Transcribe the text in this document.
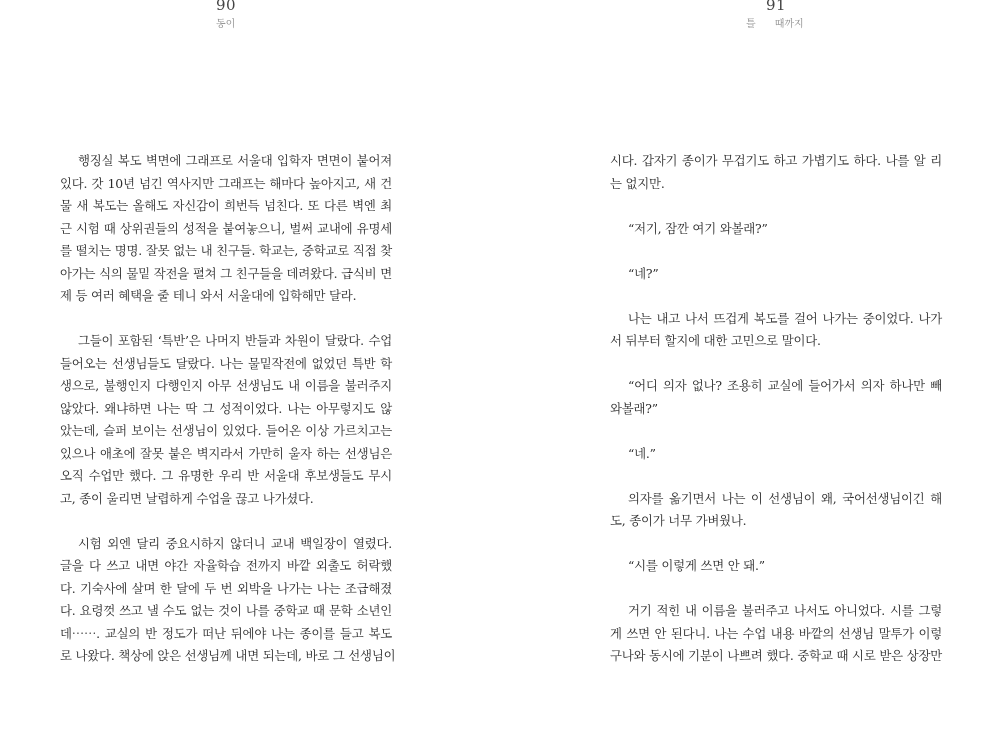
90
동이
행징실 복도 벽면에 그래프로 서울대 입학자 면면이 붙어져
있다. 갓 10년 넘긴 역사지만 그래프는 해마다 높아지고, 새 건
물 새 복도는 올해도 자신감이 희번득 넘친다. 또 다른 벽엔 최
근 시험 때 상위권들의 성적을 붙여놓으니, 벌써 교내에 유명세
를 떨치는 명명. 잘못 없는 내 친구들. 학교는, 중학교로 직접 찾
아가는 식의 물밑 작전을 펼쳐 그 친구들을 데려왔다. 급식비 면
제 등 여러 혜택을 줄 테니 와서 서울대에 입학해만 달라.
그들이 포함된 ‘특반’은 나머지 반들과 차원이 달랐다. 수업
들어오는 선생님들도 달랐다. 나는 물밑작전에 없었던 특반 학
생으로, 불행인지 다행인지 아무 선생님도 내 이름을 불러주지
않았다. 왜냐하면 나는 딱 그 성적이었다. 나는 아무렇지도 않
았는데, 슬퍼 보이는 선생님이 있었다. 들어온 이상 가르치고는
있으나 애초에 잘못 붙은 벽지라서 가만히 울자 하는 선생님은
오직 수업만 했다. 그 유명한 우리 반 서울대 후보생들도 무시
고, 종이 울리면 날렵하게 수업을 끊고 나가셨다.
시험 외엔 달리 중요시하지 않더니 교내 백일장이 열렸다.
글을 다 쓰고 내면 야간 자율학습 전까지 바깥 외출도 허락했
다. 기숙사에 살며 한 달에 두 번 외박을 나가는 나는 조급해졌
다. 요령껏 쓰고 낼 수도 없는 것이 나를 중학교 때 문학 소년인
데⋯⋯. 교실의 반 정도가 떠난 뒤에야 나는 종이를 들고 복도
로 나왔다. 책상에 앉은 선생님께 내면 되는데, 바로 그 선생님이
91
틀      때까지
시다. 갑자기 종이가 무겁기도 하고 가볍기도 하다. 나를 알 리
는 없지만.
“저기, 잠깐 여기 와볼래?”
“네?”
나는 내고 나서 뜨겁게 복도를 걸어 나가는 중이었다. 나가
서 뒤부터 할지에 대한 고민으로 말이다.
“어디 의자 없나? 조용히 교실에 들어가서 의자 하나만 빼
와볼래?”
“네.”
의자를 옮기면서 나는 이 선생님이 왜, 국어선생님이긴 해
도, 종이가 너무 가벼웠나.
“시를 이렇게 쓰면 안 돼.”
거기 적힌 내 이름을 불러주고 나서도 아니었다. 시를 그렇
게 쓰면 안 된다니. 나는 수업 내용 바깥의 선생님 말투가 이렇
구나와 동시에 기분이 나쁘려 했다. 중학교 때 시로 받은 상장만
